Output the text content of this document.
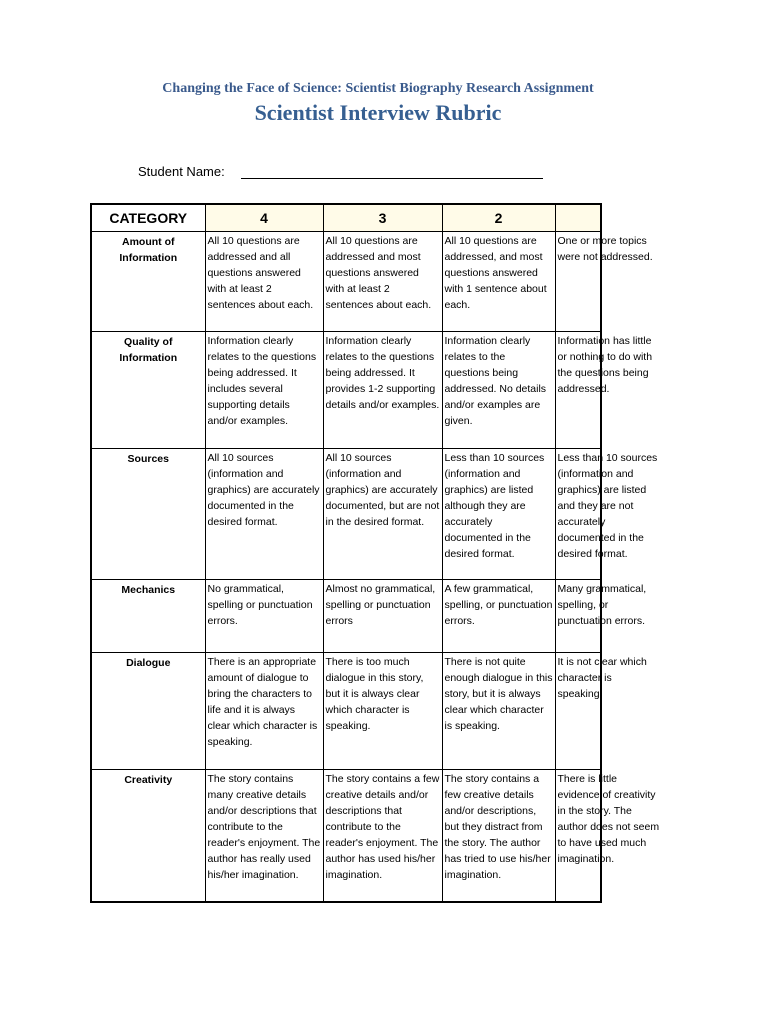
Changing the Face of Science: Scientist Biography Research Assignment
Scientist Interview Rubric
Student Name:
CATEGORY	4	3	2	
Amount of Information	All 10 questions are addressed and all questions answered with at least 2 sentences about each.	All 10 questions are addressed and most questions answered with at least 2 sentences about each.	All 10 questions are addressed, and most questions answered with 1 sentence about each.	One or more topics were not addressed.

Quality of Information	Information clearly relates to the questions being addressed. It includes several supporting details and/or examples.	Information clearly relates to the questions being addressed. It provides 1-2 supporting details and/or examples.	Information clearly relates to the questions being addressed. No details and/or examples are given.	Information has little or nothing to do with the questions being addressed.

Sources	All 10 sources (information and graphics) are accurately documented in the desired format.	All 10 sources (information and graphics) are accurately documented, but are not in the desired format.	Less than 10 sources (information and graphics) are listed although they are accurately documented in the desired format.	Less than 10 sources (information and graphics) are listed and they are not accurately documented in the desired format.

Mechanics	No grammatical, spelling or punctuation errors.	Almost no grammatical, spelling or punctuation errors	A few grammatical, spelling, or punctuation errors.	Many grammatical, spelling, or punctuation errors.

Dialogue	There is an appropriate amount of dialogue to bring the characters to life and it is always clear which character is speaking.	There is too much dialogue in this story, but it is always clear which character is speaking.	There is not quite enough dialogue in this story, but it is always clear which character is speaking.	It is not clear which character is speaking.

Creativity	The story contains many creative details and/or descriptions that contribute to the reader's enjoyment. The author has really used his/her imagination.	The story contains a few creative details and/or descriptions that contribute to the reader's enjoyment. The author has used his/her imagination.	The story contains a few creative details and/or descriptions, but they distract from the story. The author has tried to use his/her imagination.	There is little evidence of creativity in the story. The author does not seem to have used much imagination.
